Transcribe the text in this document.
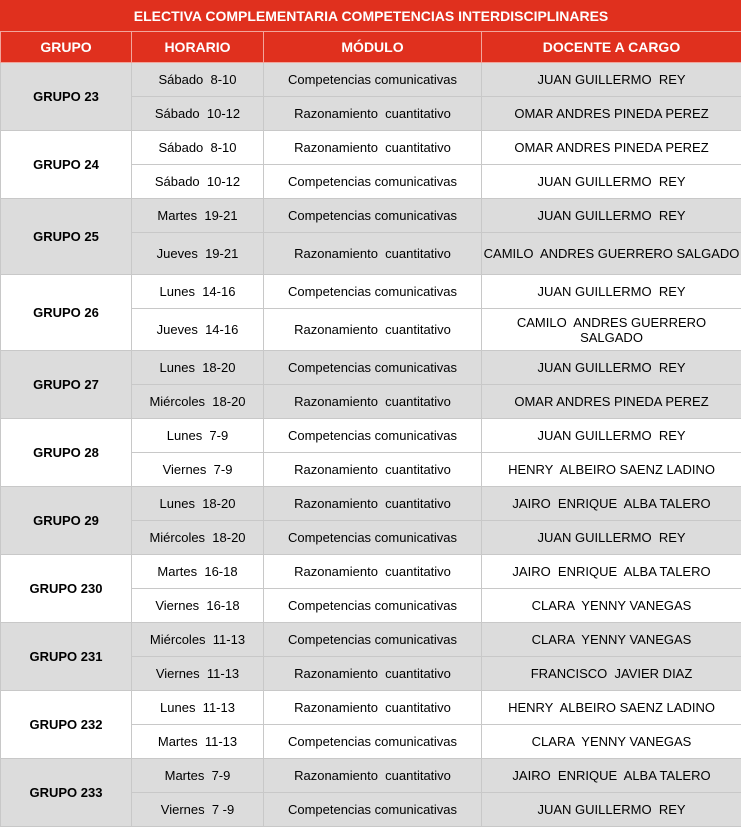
ELECTIVA COMPLEMENTARIA COMPETENCIAS INTERDISCIPLINARES			
GRUPO	HORARIO	MÓDULO	DOCENTE A CARGO
GRUPO 23	Sábado  8-10	Competencias comunicativas	JUAN GUILLERMO  REY
	Sábado  10-12	Razonamiento  cuantitativo	OMAR ANDRES PINEDA PEREZ
GRUPO 24	Sábado  8-10	Razonamiento  cuantitativo	OMAR ANDRES PINEDA PEREZ
	Sábado  10-12	Competencias comunicativas	JUAN GUILLERMO  REY
GRUPO 25	Martes  19-21	Competencias comunicativas	JUAN GUILLERMO  REY
	Jueves  19-21	Razonamiento  cuantitativo	CAMILO  ANDRES GUERRERO SALGADO
GRUPO 26	Lunes  14-16	Competencias comunicativas	JUAN GUILLERMO  REY
	Jueves  14-16	Razonamiento  cuantitativo	CAMILO  ANDRES GUERRERO  SALGADO
GRUPO 27	Lunes  18-20	Competencias comunicativas	JUAN GUILLERMO  REY
	Miércoles  18-20	Razonamiento  cuantitativo	OMAR ANDRES PINEDA PEREZ
GRUPO 28	Lunes  7-9	Competencias comunicativas	JUAN GUILLERMO  REY
	Viernes  7-9	Razonamiento  cuantitativo	HENRY  ALBEIRO SAENZ LADINO
GRUPO 29	Lunes  18-20	Razonamiento  cuantitativo	JAIRO  ENRIQUE  ALBA TALERO
	Miércoles  18-20	Competencias comunicativas	JUAN GUILLERMO  REY
GRUPO 230	Martes  16-18	Razonamiento  cuantitativo	JAIRO  ENRIQUE  ALBA TALERO
	Viernes  16-18	Competencias comunicativas	CLARA  YENNY VANEGAS
GRUPO 231	Miércoles  11-13	Competencias comunicativas	CLARA  YENNY VANEGAS
	Viernes  11-13	Razonamiento  cuantitativo	FRANCISCO  JAVIER DIAZ
GRUPO 232	Lunes  11-13	Razonamiento  cuantitativo	HENRY  ALBEIRO SAENZ LADINO
	Martes  11-13	Competencias comunicativas	CLARA  YENNY VANEGAS
GRUPO 233	Martes  7-9	Razonamiento  cuantitativo	JAIRO  ENRIQUE  ALBA TALERO
	Viernes  7 -9	Competencias comunicativas	JUAN GUILLERMO  REY
